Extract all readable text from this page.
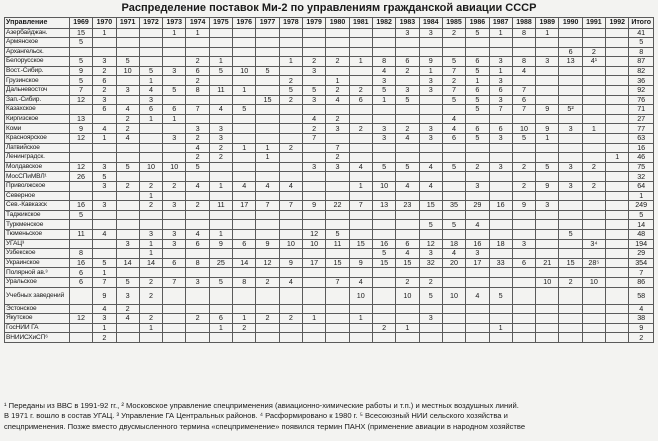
Распределение поставок Ми-2 по управлениям гражданской авиации СССР
Управление	1969	1970	1971	1972	1973	1974	1975	1976	1977	1978	1979	1980	1981	1982	1983	1984	1985	1986	1987	1988	1989	1990	1991	1992	Итого
Азербайджан.	15	1			1	1									3	3	2	5	1	8	1				41
Армянское	5																								5
Архангельск.																						6	2		8
Белорусское	5	3	5			2	1			1	2	2	1	8	6	9	5	6	3	8	3	13	4¹		87
Вост.-Сибир.	9	2	10	5	3	6	5	10	5		3			4	2	1	7	5	1	4					82
Грузинское	5	6		1		2				2		1		3		3	2	1	3						36
Дальневосточ	7	2	3	4	5	8	11	1		5	5	2	2	5	3	3	7	6	6	7					92
Зап.-Сибир.	12	3		3					15	2	3	4	6	1	5		5	5	3	6					76
Казахское		6	4	6	6	7	4	5										5	7	7	9	5²			71
Киргизское	13		2	1	1						4	2					4								27
Коми	9	4	2			3	3				2	3	2	3	2	3	4	6	6	10	9	3	1		77
Красноярское	12	1	4		3	2	3				7			3	4	3	6	5	3	5	1				63
Латвийское						4	2	1	1	2		7													16
Ленинградск.						2	2		1			2												1	46
Молдавское	12	3	5	10	10	5					3	3	4	5	5	4	5	2	3	2	5	3	2		75
МосСПиМВЛ¹	26	5																							32
Приволжское		3	2	2	2	4	1	4	4	4			1	10	4	4		3		2	9	3	2		64
Северное				1																					1
Сев.-Кавказск	16	3		2	3	2	11	17	7	7	9	22	7	13	23	15	35	29	16	9	3				249
Таджикское	5																								5
Туркменское																5	5	4							14
Тюменьское	11	4		3	3	4	1				12	5										5			48
УГАЦ³			3	1	3	6	9	6	9	10	10	11	15	16	6	12	18	16	18	3			3⁴		194
Узбекское	8			1										5	4	3	4	3							29
Украинское	16	5	14	14	6	8	25	14	12	9	17	15	9	15	15	32	20	17	33	6	21	15	28⁵		354
Полярной ав.³	6	1																							7
Уральское	6	7	5	2	7	3	5	8	2	4		7	4		2	2					10	2	10		86
Учебных заведений		9	3	2									10		10	5	10	4	5						58
Эстонское		4	2																						4
Якутское	12	3	4	2		2	6	1	2	2	1		1			3									38
ГосНИИ ГА		1		1			1	2						2	1				1						9
ВНИИСХиСП⁶		2																							2
¹ Переданы из ВВС в 1991-92 гг., ² Московское управление спецприменения (авиационно-химические работы и т.п.) и местных воздушных линий.
В 1971 г. вошло в состав УГАЦ. ³ Управление ГА Центральных районов. ⁴ Расформировано к 1980 г. ⁵ Всесоюзный НИИ сельского хозяйства и
спецприменения. Позже вместо двусмысленного термина «спецприменение» появился термин ПАНХ (применение авиации в народном хозяйстве
